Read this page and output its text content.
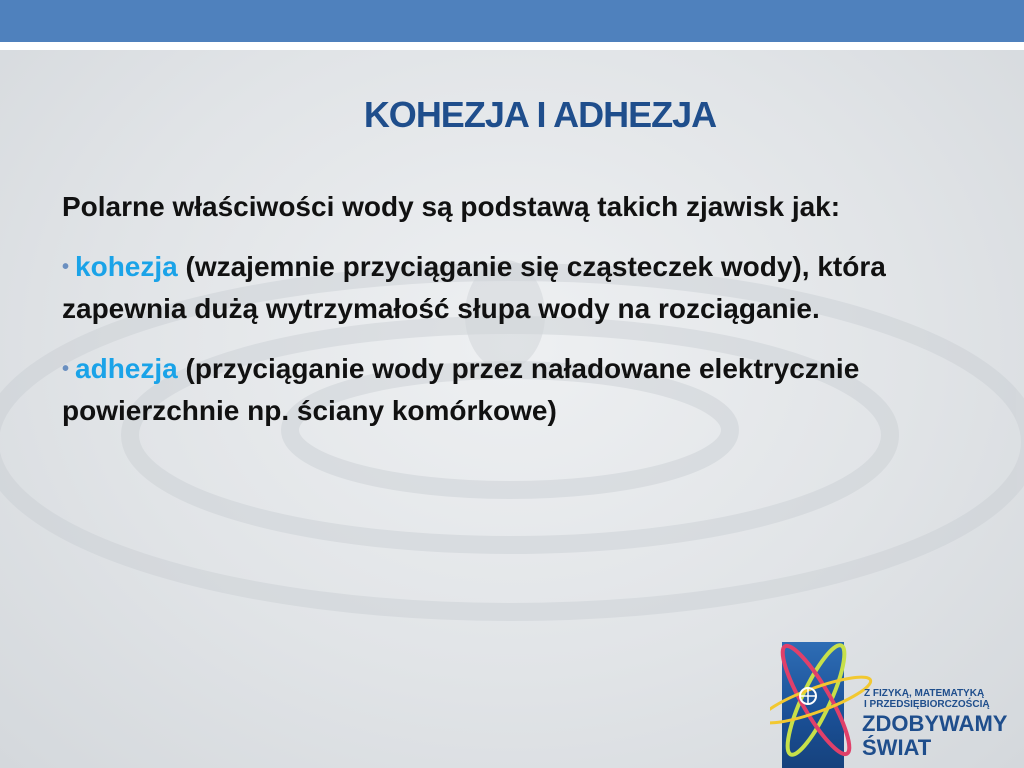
KOHEZJA I ADHEZJA

Polarne właściwości wody są podstawą takich zjawisk jak:

• kohezja (wzajemnie przyciąganie się cząsteczek wody), która zapewnia dużą wytrzymałość słupa wody na rozciąganie.

• adhezja (przyciąganie wody przez naładowane elektrycznie powierzchnie np. ściany komórkowe)

Z FIZYKĄ, MATEMATYKĄ
I PRZEDSIĘBIORCZOŚCIĄ
ZDOBYWAMY
ŚWIAT
